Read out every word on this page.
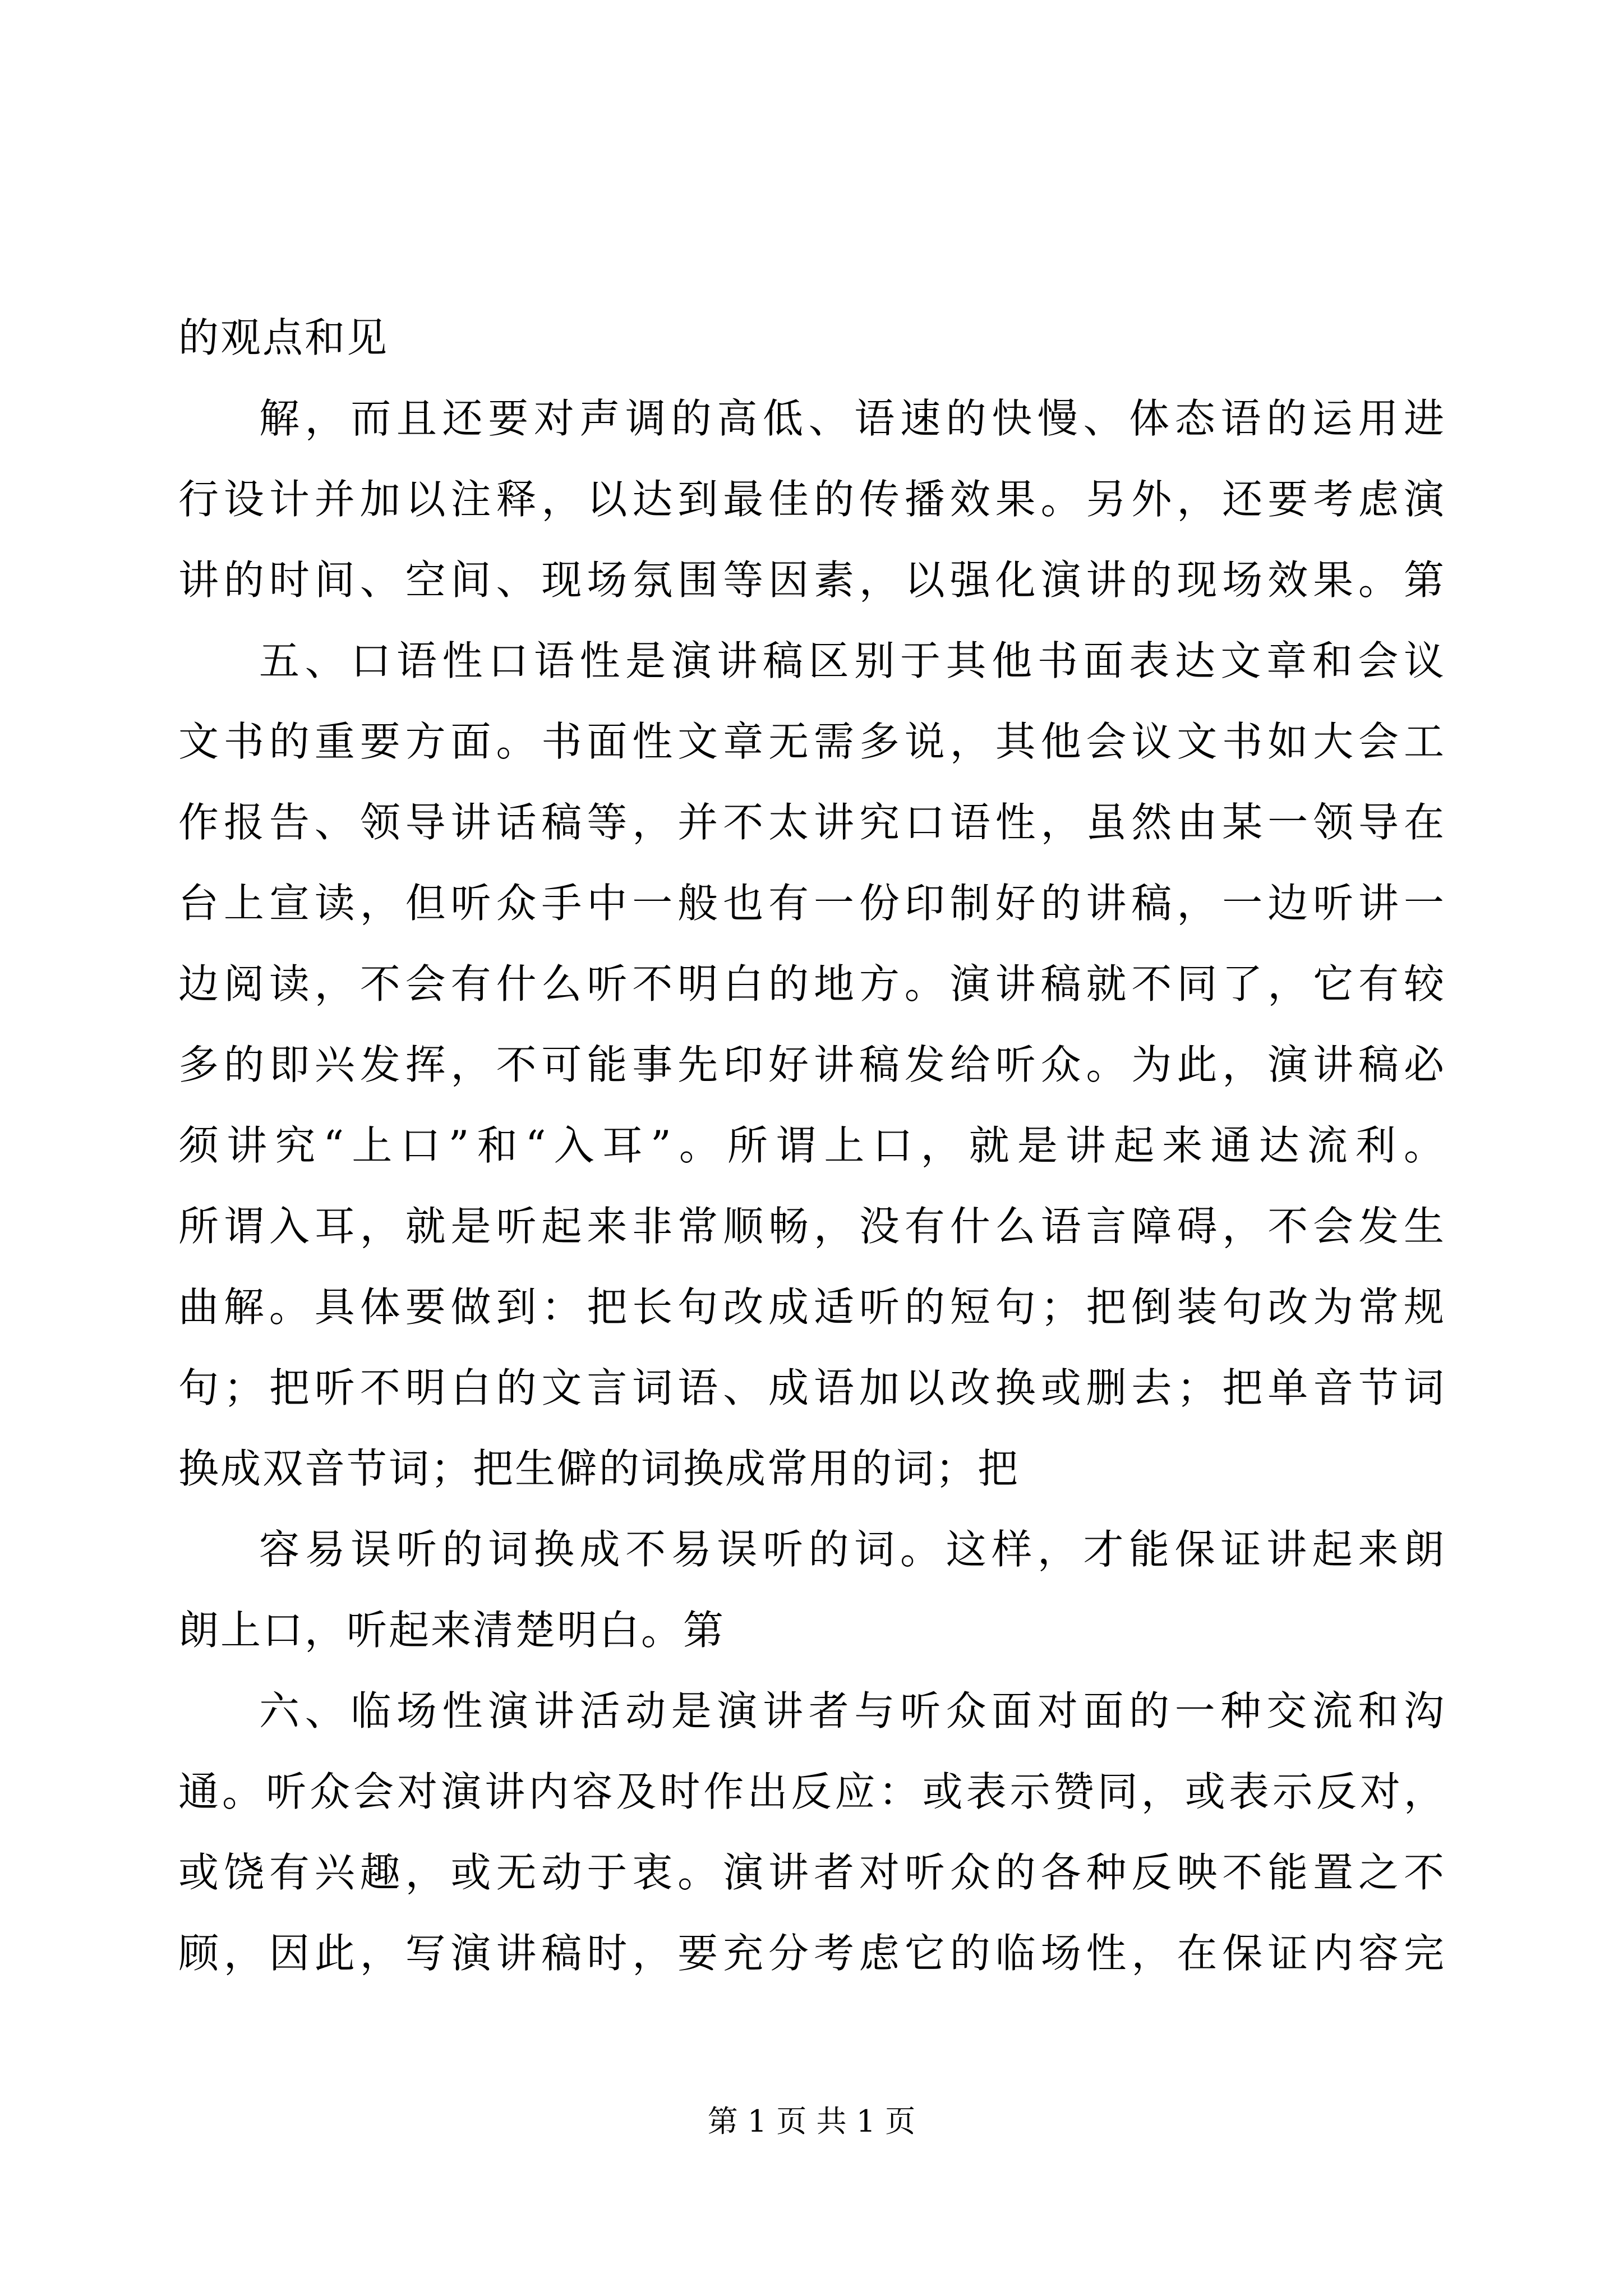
的观点和见
解，而且还要对声调的高低、语速的快慢、体态语的运用进
行设计并加以注释，以达到最佳的传播效果。另外，还要考虑演
讲的时间、空间、现场氛围等因素，以强化演讲的现场效果。第
五、口语性口语性是演讲稿区别于其他书面表达文章和会议
文书的重要方面。书面性文章无需多说，其他会议文书如大会工
作报告、领导讲话稿等，并不太讲究口语性，虽然由某一领导在
台上宣读，但听众手中一般也有一份印制好的讲稿，一边听讲一
边阅读，不会有什么听不明白的地方。演讲稿就不同了，它有较
多的即兴发挥，不可能事先印好讲稿发给听众。为此，演讲稿必
须讲究“上口”和“入耳”。所谓上口，就是讲起来通达流利。
所谓入耳，就是听起来非常顺畅，没有什么语言障碍，不会发生
曲解。具体要做到：把长句改成适听的短句；把倒装句改为常规
句；把听不明白的文言词语、成语加以改换或删去；把单音节词
换成双音节词；把生僻的词换成常用的词；把
容易误听的词换成不易误听的词。这样，才能保证讲起来朗
朗上口，听起来清楚明白。第
六、临场性演讲活动是演讲者与听众面对面的一种交流和沟
通。听众会对演讲内容及时作出反应：或表示赞同，或表示反对，
或饶有兴趣，或无动于衷。演讲者对听众的各种反映不能置之不
顾，因此，写演讲稿时，要充分考虑它的临场性，在保证内容完
第 1 页 共 1 页
